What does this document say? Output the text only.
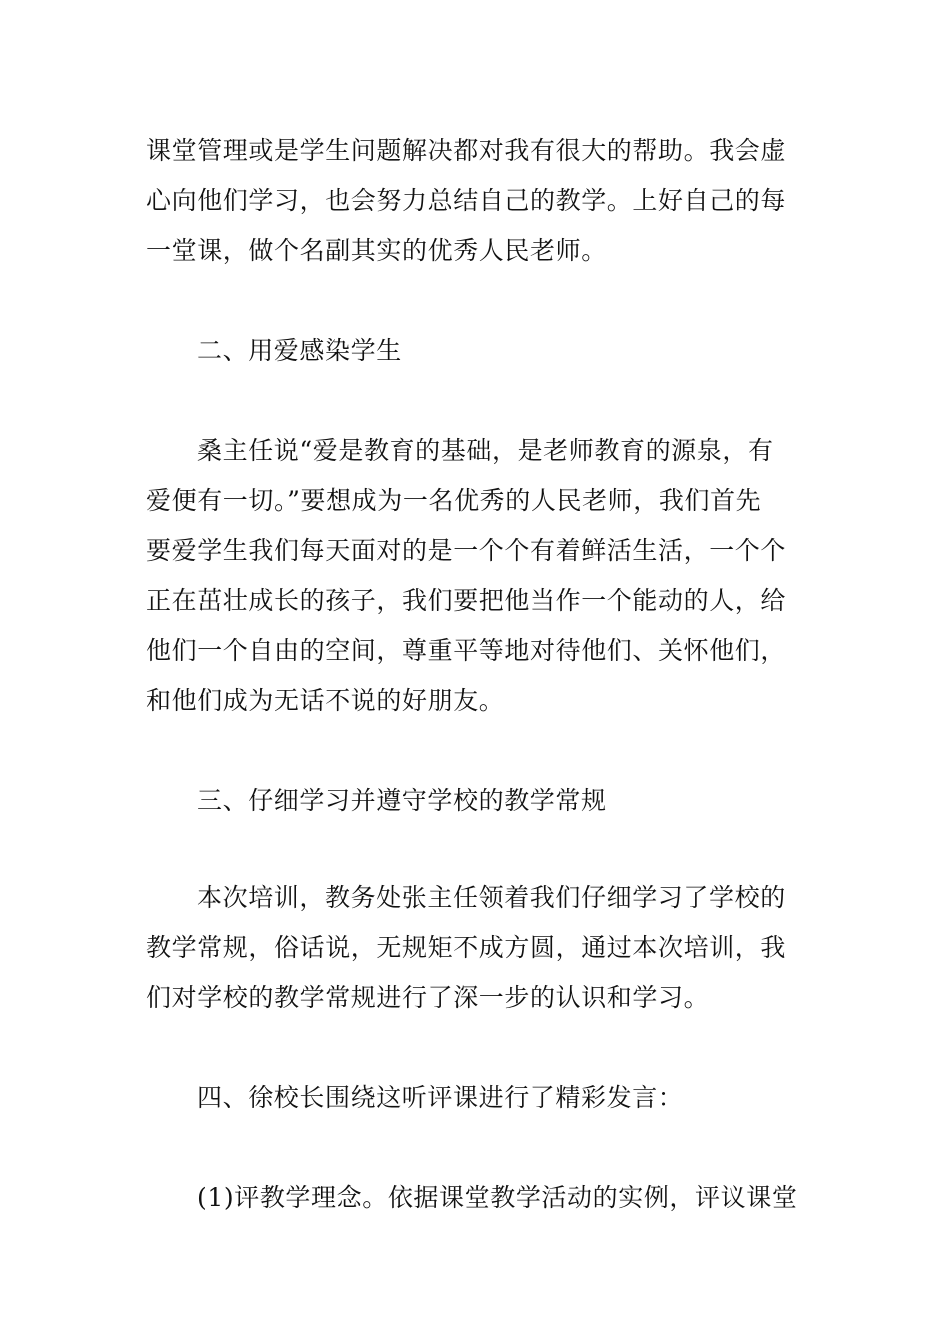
课堂管理或是学生问题解决都对我有很大的帮助。我会虚
心向他们学习，也会努力总结自己的教学。上好自己的每
一堂课，做个名副其实的优秀人民老师。
二、用爱感染学生
桑主任说“爱是教育的基础，是老师教育的源泉，有
爱便有一切。”要想成为一名优秀的人民老师，我们首先
要爱学生我们每天面对的是一个个有着鲜活生活，一个个
正在茁壮成长的孩子，我们要把他当作一个能动的人，给
他们一个自由的空间，尊重平等地对待他们、关怀他们，
和他们成为无话不说的好朋友。
三、仔细学习并遵守学校的教学常规
本次培训，教务处张主任领着我们仔细学习了学校的
教学常规，俗话说，无规矩不成方圆，通过本次培训，我
们对学校的教学常规进行了深一步的认识和学习。
四、徐校长围绕这听评课进行了精彩发言：
(1)评教学理念。依据课堂教学活动的实例，评议课堂
